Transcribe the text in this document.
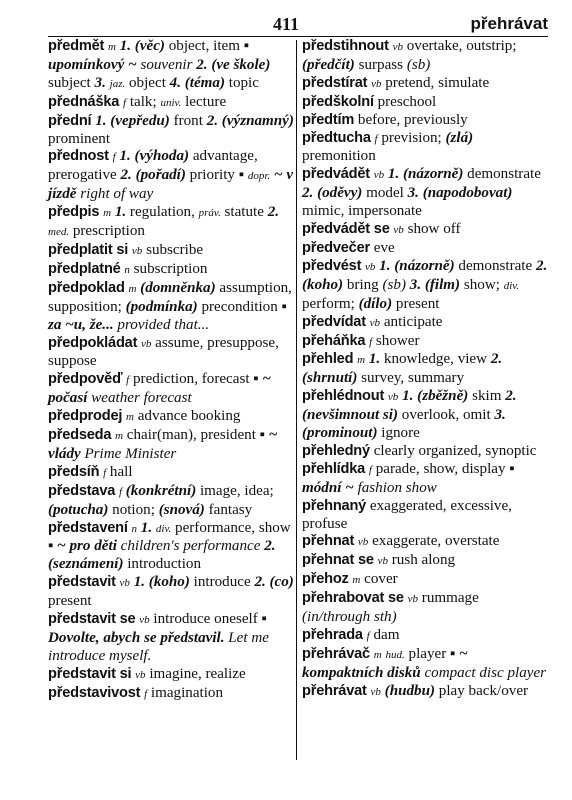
411	přehrávat
předmět m 1. (věc) object, item ▪ upomínkový ~ souvenir 2. (ve škole) subject 3. jaz. object 4. (téma) topic
přednáška f talk; univ. lecture
přední 1. (vepředu) front 2. (významný) prominent
přednost f 1. (výhoda) advantage, prerogative 2. (pořadí) priority ▪ dopr. ~ v jízdě right of way
předpis m 1. regulation, práv. statute 2. med. prescription
předplatit si vb subscribe
předplatné n subscription
předpoklad m (domněnka) assumption, supposition; (podmínka) precondition ▪ za ~u, že... provided that...
předpokládat vb assume, presuppose, suppose
předpověď f prediction, forecast ▪ ~ počasí weather forecast
předprodej m advance booking
předseda m chair(man), president ▪ ~ vlády Prime Minister
předsíň f hall
představa f (konkrétní) image, idea; (potucha) notion; (snová) fantasy
představení n 1. div. performance, show ▪ ~ pro děti children's performance 2. (seznámení) introduction
představit vb 1. (koho) introduce 2. (co) present
představit se vb introduce oneself ▪ Dovolte, abych se představil. Let me introduce myself.
představit si vb imagine, realize
představivost f imagination
předstihnout vb overtake, outstrip; (předčít) surpass (sb)
předstírat vb pretend, simulate
předškolní preschool
předtím before, previously
předtucha f prevision; (zlá) premonition
předvádět vb 1. (názorně) demonstrate 2. (oděvy) model 3. (napodobovat) mimic, impersonate
předvádět se vb show off
předvečer eve
předvést vb 1. (názorně) demonstrate 2. (koho) bring (sb) 3. (film) show; div. perform; (dílo) present
předvídat vb anticipate
přeháňka f shower
přehled m 1. knowledge, view 2. (shrnutí) survey, summary
přehlédnout vb 1. (zběžně) skim 2. (nevšimnout si) overlook, omit 3. (prominout) ignore
přehledný clearly organized, synoptic
přehlídka f parade, show, display ▪ módní ~ fashion show
přehnaný exaggerated, excessive, profuse
přehnat vb exaggerate, overstate
přehnat se vb rush along
přehoz m cover
přehrabovat se vb rummage (in/through sth)
přehrada f dam
přehrávač m hud. player ▪ ~ kompaktních disků compact disc player
přehrávat vb (hudbu) play back/over
